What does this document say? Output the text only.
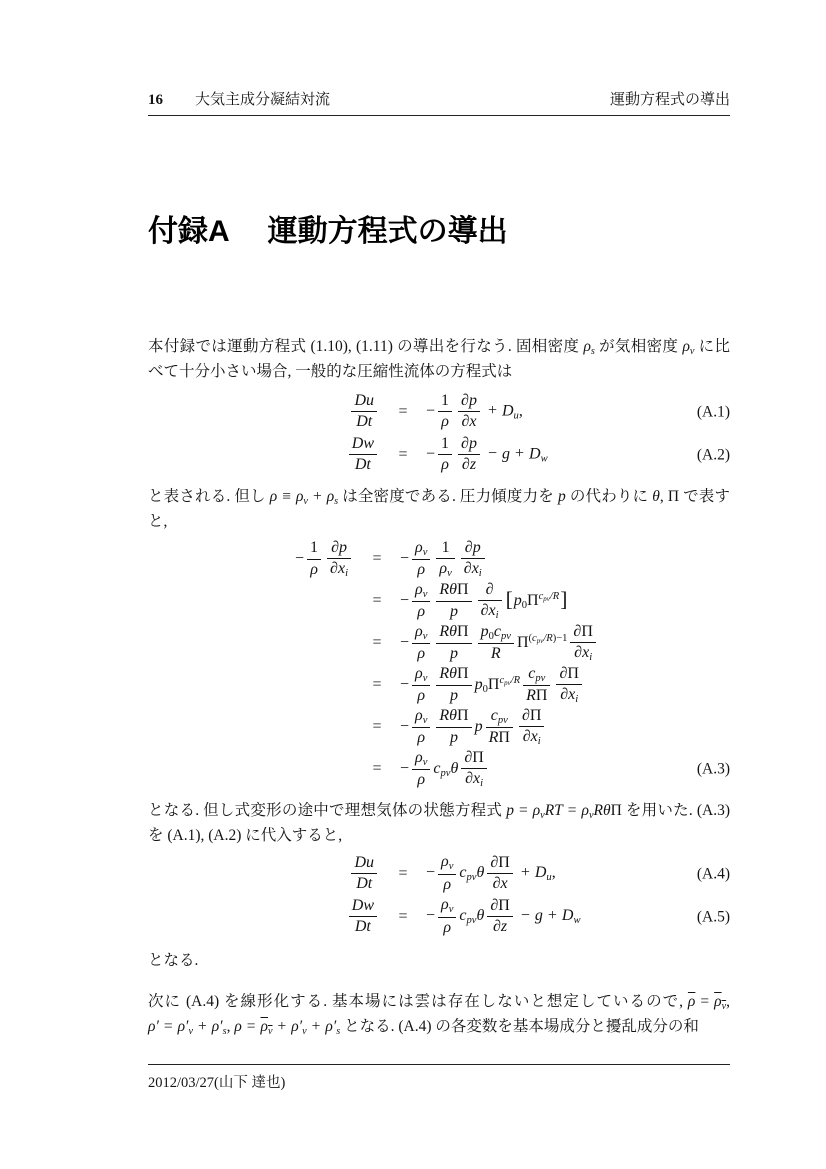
16 大気主成分凝結対流	運動方程式の導出
付録A 運動方程式の導出

本付録では運動方程式 (1.10), (1.11) の導出を行なう. 固相密度 ρs が気相密度 ρv に比べて十分小さい場合, 一般的な圧縮性流体の方程式は

$\frac{Du}{Dt}$	=	− $\frac{1}{\rho} \frac{\partial p}{\partial x} + Du$,	(A.1)
$\frac{Dw}{Dt}$	=	− $\frac{1}{\rho} \frac{\partial p}{\partial z} - g + Dw$	(A.2)

と表される. 但し ρ ≡ ρv + ρs は全密度である. 圧力傾度力を p の代わりに θ, Π で表すと,

− $\frac{1}{\rho} \frac{\partial p}{\partial xi}$	=	− $\frac{\rho v}{\rho} \frac{1}{\rho v} \frac{\partial p}{\partial xi}$
=	− $\frac{\rho v}{\rho} \frac{\text{RθΠ}}{p} \frac{\partial}{\partial xi} [p0\Pi^{cpv/R}]$
=	− $\frac{\rho v}{\rho} \frac{\text{RθΠ}}{p} \frac{\text{p0cpv}}{R} \Pi^{(cpv/R)-1} \frac{\partial\Pi}{\partial xi}$
=	− $\frac{\rho v}{\rho} \frac{\text{RθΠ}}{p} p0\Pi^{cpv/R} \frac{\text{cpv}}{R\Pi} \frac{\partial\Pi}{\partial xi}$
=	− $\frac{\rho v}{\rho} \frac{\text{RθΠ}}{p}$ p $\frac{\text{cpv}}{R\Pi} \frac{\partial\Pi}{\partial xi}$
=	− $\frac{\rho v}{\rho}$ cpvθ $\frac{\partial\Pi}{\partial xi}$	(A.3)

となる. 但し式変形の途中で理想気体の状態方程式 p = ρvRT = ρvRθΠ を用いた. (A.3) を (A.1), (A.2) に代入すると,

$\frac{Du}{Dt}$	=	− $\frac{\rho v}{\rho}$ cpvθ $\frac{\partial\Pi}{\partial x} + Du$,	(A.4)
$\frac{Dw}{Dt}$	=	− $\frac{\rho v}{\rho}$ cpvθ $\frac{\partial\Pi}{\partial z} - g + Dw$	(A.5)

となる.

次に (A.4) を線形化する. 基本場には雲は存在しないと想定しているので, $\overline{\rho} = \rho v$, ρ′ = ρ′v + ρ′s, ρ = ρv + ρ′v + ρ′s となる. (A.4) の各変数を基本場成分と擾乱成分の和

2012/03/27(山下 達也)
